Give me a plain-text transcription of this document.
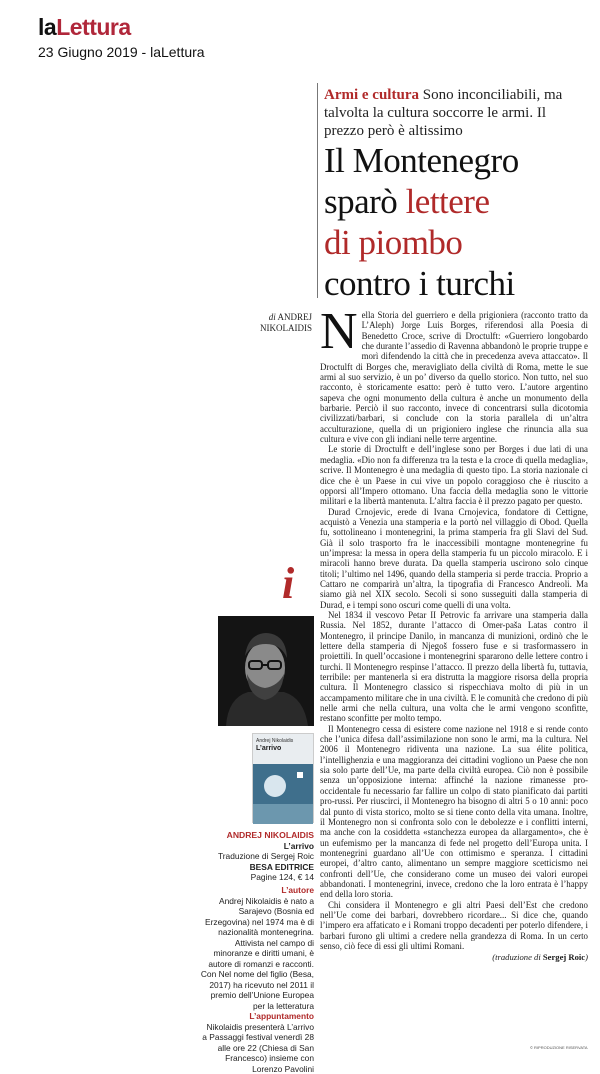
laLettura
23 Giugno 2019 - laLettura
Armi e cultura Sono inconciliabili, ma talvolta la cultura soccorre le armi. Il prezzo però è altissimo
Il Montenegro
sparò lettere
di piombo
contro i turchi
di ANDREJ
NIKOLAIDIS Nella Storia del guerriero e della prigioniera (racconto tratto da L’Aleph) Jorge Luis Borges, riferendosi alla Poesia di Benedetto Croce, scrive di Droctulft: «Guerriero longobardo che durante l’assedio di Ravenna abbandonò le proprie truppe e morì difendendo la città che in precedenza aveva attaccato». Il Droctulft di Borges che, meravigliato della civiltà di Roma, mette le sue armi al suo servizio, è un po’ diverso da quello storico. Non tutto, nel suo racconto, è storicamente esatto: però è tutto vero. L’autore argentino sapeva che ogni monumento della cultura è anche un monumento della barbarie. Perciò il suo racconto, invece di concentrarsi sulla dicotomia civilizzati/barbari, si conclude con la storia parallela di un’altra acculturazione, quella di un prigioniero inglese che rinuncia alla sua cultura e vive con gli indiani nelle terre argentine.

Le storie di Droctulft e dell’inglese sono per Borges i due lati di una medaglia. «Dio non fa differenza tra la testa e la croce di quella medaglia», scrive. Il Montenegro è una medaglia di questo tipo. La storia nazionale ci dice che è un Paese in cui vive un popolo coraggioso che è riuscito a opporsi all’Impero ottomano. Una faccia della medaglia sono le vittorie militari e la libertà mantenuta. L’altra faccia è il prezzo pagato per questo.

Durad Crnojevic, erede di Ivana Crnojevica, fondatore di Cettigne, acquistò a Venezia una stamperia e la portò nel villaggio di Obod. Quella fu, sottolineano i montenegrini, la prima stamperia fra gli Slavi del Sud. Già il solo trasporto fra le inaccessibili montagne montenegrine fu un’impresa: la messa in opera della stamperia fu un piccolo miracolo. E i miracoli hanno breve durata. Da quella stamperia uscirono solo cinque titoli; l’ultimo nel 1496, quando della stamperia si perde traccia. Proprio a Cattaro ne comparirà un’altra, la tipografia di Francesco Andreoli. Ma siamo già nel XIX secolo. Secoli si sono susseguiti dalla stamperia di Durad, e i tempi sono oscuri come quelli di una volta.

Nel 1834 il vescovo Petar II Petrovic fa arrivare una stamperia dalla Russia. Nel 1852, durante l’attacco di Omer-paša Latas contro il Montenegro, il principe Danilo, in mancanza di munizioni, ordinò che le lettere della stamperia di Njegoš fossero fuse e si trasformassero in proiettili. In quell’occasione i montenegrini spararono delle lettere contro i turchi. Il Montenegro respinse l’attacco. Il prezzo della libertà fu, tuttavia, terribile: per mantenerla si era distrutta la maggiore risorsa della propria cultura. Il Montenegro classico si rispecchiava molto di più in un accampamento militare che in una civiltà. E le comunità che credono di più nelle armi che nella cultura, una volta che le armi vengono sconfitte, restano sconfitte per molto tempo.

Il Montenegro cessa di esistere come nazione nel 1918 e si rende conto che l’unica difesa dall’assimilazione non sono le armi, ma la cultura. Nel 2006 il Montenegro ridiventa una nazione. La sua élite politica, l’intellighenzia e una maggioranza dei cittadini vogliono un Paese che non sia solo parte dell’Ue, ma parte della civiltà europea. Ciò non è possibile senza un’opposizione interna: affinché la nazione rimanesse pro-occidentale fu necessario far fallire un colpo di stato pianificato dai partiti pro-russi. Per riuscirci, il Montenegro ha bisogno di altri 5 o 10 anni: poco dal punto di vista storico, molto se si tiene conto della vita umana. Inoltre, il Montenegro non si confronta solo con le debolezze e i conflitti interni, ma anche con la cosiddetta «stanchezza europea da allargamento», che è un eufemismo per la mancanza di fede nel progetto dell’Europa unita. I montenegrini guardano all’Ue con ottimismo e speranza. I cittadini europei, d’altro canto, alimentano un sempre maggiore scetticismo nei confronti dell’Ue, che considerano come un museo dei valori europei abbandonati. I montenegrini, invece, credono che la loro entrata è l’happy end della loro storia.

Chi considera il Montenegro e gli altri Paesi dell’Est che credono nell’Ue come dei barbari, dovrebbero ricordare... Si dice che, quando l’impero era affaticato e i Romani troppo decadenti per poterlo difendere, i barbari furono gli ultimi a credere nella grandezza di Roma. In un certo senso, ciò fece di essi gli ultimi Romani.

(traduzione di Sergej Roic)
i
Andrej Nikolaidis
L’arrivo
ANDREJ NIKOLAIDIS
L’arrivo
Traduzione di Sergej Roic
BESA EDITRICE
Pagine 124, € 14
L’autore
Andrej Nikolaidis è nato a Sarajevo (Bosnia ed Erzegovina) nel 1974 ma è di nazionalità montenegrina. Attivista nel campo di minoranze e diritti umani, è autore di romanzi e racconti. Con Nel nome del figlio (Besa, 2017) ha ricevuto nel 2011 il premio dell’Unione Europea per la letteratura
L’appuntamento
Nikolaidis presenterà L’arrivo a Passaggi festival venerdì 28 alle ore 22 (Chiesa di San Francesco) insieme con Lorenzo Pavolini
© RIPRODUZIONE RISERVATA
